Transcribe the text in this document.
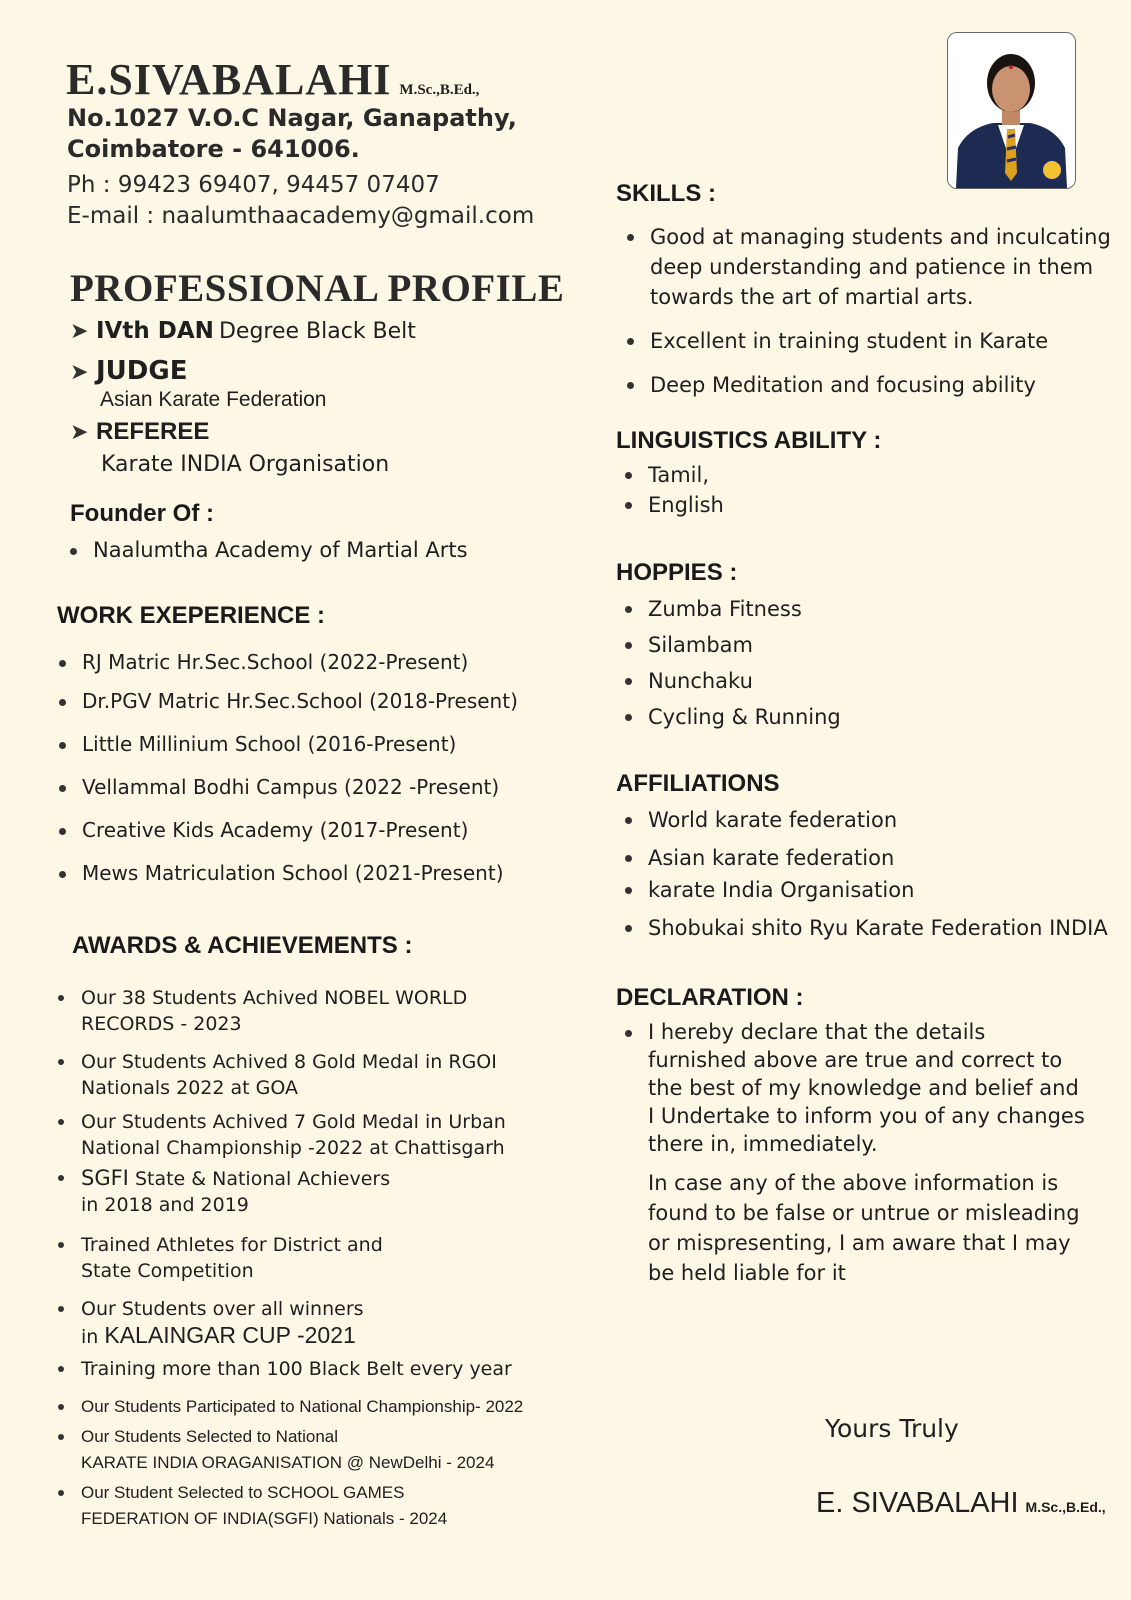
E.SIVABALAHI M.Sc.,B.Ed.,
No.1027 V.O.C Nagar, Ganapathy,
Coimbatore - 641006.
Ph : 99423 69407, 94457 07407
E-mail : naalumthaacademy@gmail.com
PROFESSIONAL PROFILE
➤ IVth DAN
Degree Black Belt
➤ JUDGE
Asian Karate Federation
➤ REFEREE
Karate INDIA Organisation
Founder Of :
Naalumtha Academy of Martial Arts
WORK EXEPERIENCE :
RJ Matric Hr.Sec.School (2022-Present)
Dr.PGV Matric Hr.Sec.School (2018-Present)
Little Millinium School (2016-Present)
Vellammal Bodhi Campus (2022 -Present)
Creative Kids Academy (2017-Present)
Mews Matriculation School (2021-Present)
AWARDS & ACHIEVEMENTS :
Our 38 Students Achived NOBEL WORLD
RECORDS - 2023
Our Students Achived 8 Gold Medal in RGOI
Nationals 2022 at GOA
Our Students Achived 7 Gold Medal in Urban
National Championship -2022 at Chattisgarh
SGFI State & National Achievers
in 2018 and 2019
Trained Athletes for District and
State Competition
Our Students over all winners
in KALAINGAR CUP -2021
Training more than 100 Black Belt every year
Our Students Participated to National Championship- 2022
Our Students Selected to National
KARATE INDIA ORAGANISATION @ NewDelhi - 2024
Our Student Selected to SCHOOL GAMES
FEDERATION OF INDIA(SGFI) Nationals - 2024
SKILLS :
Good at managing students and inculcating deep understanding and patience in them towards the art of martial arts.
Excellent in training student in Karate
Deep Meditation and focusing ability
LINGUISTICS ABILITY :
Tamil,
English
HOPPIES :
Zumba Fitness
Silambam
Nunchaku
Cycling & Running
AFFILIATIONS
World karate federation
Asian karate federation
karate India Organisation
Shobukai shito Ryu Karate Federation INDIA
DECLARATION :
I hereby declare that the details furnished above are true and correct to the best of my knowledge and belief and I Undertake to inform you of any changes there in, immediately.
In case any of the above information is found to be false or untrue or misleading or mispresenting, I am aware that I may be held liable for it
Yours Truly
E. SIVABALAHI M.Sc.,B.Ed.,
